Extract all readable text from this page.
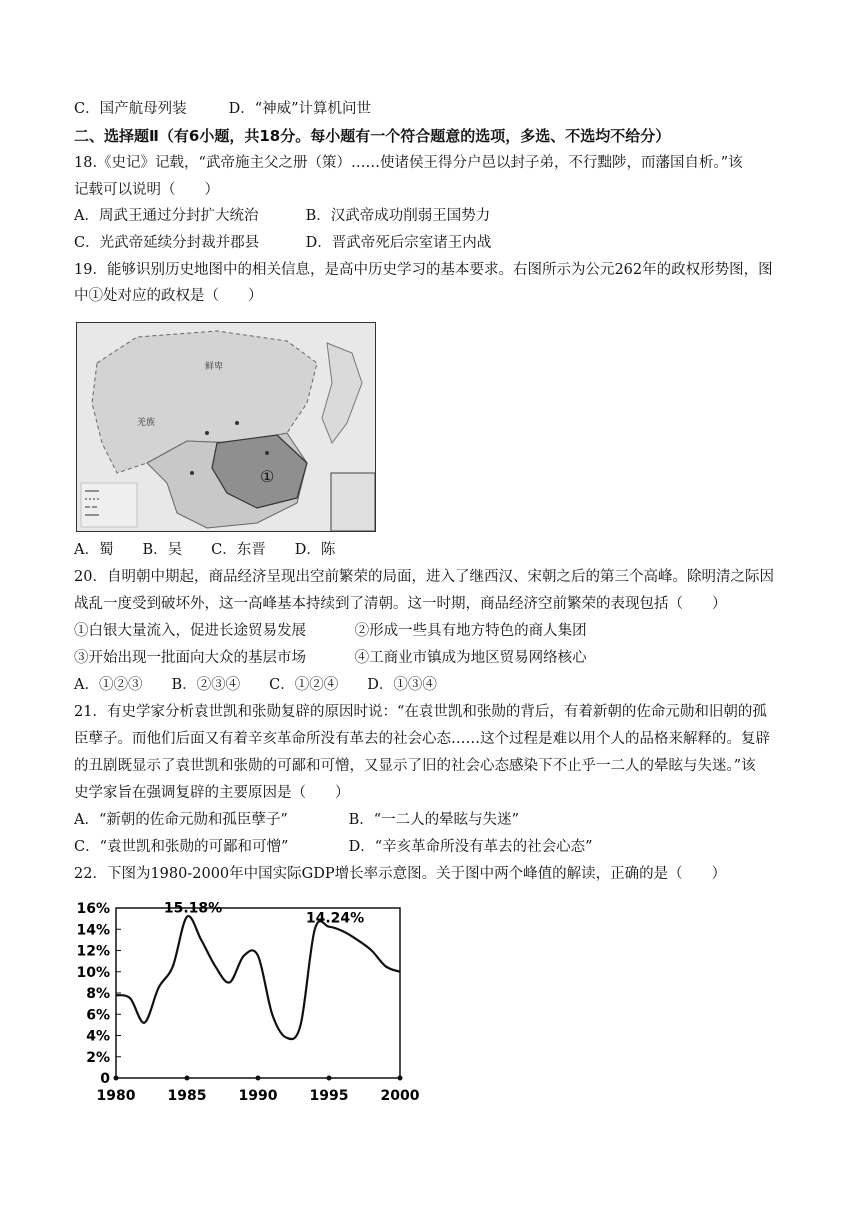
C．国产航母列装	D．“神威”计算机问世
二、选择题Ⅱ（有6小题，共18分。每小题有一个符合题意的选项，多选、不选均不给分）
18.《史记》记载，“武帝施主父之册（策）……使诸侯王得分户邑以封子弟，不行黜陟，而藩国自析。”该
记载可以说明（　　）
A．周武王通过分封扩大统治	B．汉武帝成功削弱王国势力
C．光武帝延续分封裁并郡县	D．晋武帝死后宗室诸王内战
19．能够识别历史地图中的相关信息，是高中历史学习的基本要求。右图所示为公元262年的政权形势图，图
中①处对应的政权是（　　）
鲜卑
羌族
①
A．蜀　　B．吴　　C．东晋　　D．陈
20．自明朝中期起，商品经济呈现出空前繁荣的局面，进入了继西汉、宋朝之后的第三个高峰。除明清之际因
战乱一度受到破坏外，这一高峰基本持续到了清朝。这一时期，商品经济空前繁荣的表现包括（　　）
①白银大量流入，促进长途贸易发展	②形成一些具有地方特色的商人集团
③开始出现一批面向大众的基层市场	④工商业市镇成为地区贸易网络核心
A．①②③　　B．②③④　　C．①②④　　D．①③④
21．有史学家分析袁世凯和张勋复辟的原因时说：“在袁世凯和张勋的背后，有着新朝的佐命元勋和旧朝的孤
臣孽子。而他们后面又有着辛亥革命所没有革去的社会心态……这个过程是难以用个人的品格来解释的。复辟
的丑剧既显示了袁世凯和张勋的可鄙和可憎，又显示了旧的社会心态感染下不止乎一二人的晕眩与失迷。”该
史学家旨在强调复辟的主要原因是（　　）
A．“新朝的佐命元勋和孤臣孽子”	B．“一二人的晕眩与失迷”
C．“袁世凯和张勋的可鄙和可憎”	D．“辛亥革命所没有革去的社会心态”
22．下图为1980-2000年中国实际GDP增长率示意图。关于图中两个峰值的解读，正确的是（　　）
0
2%
4%
6%
8%
10%
12%
14%
16%
1980 1985 1990 1995 2000
15.18%
14.24%
